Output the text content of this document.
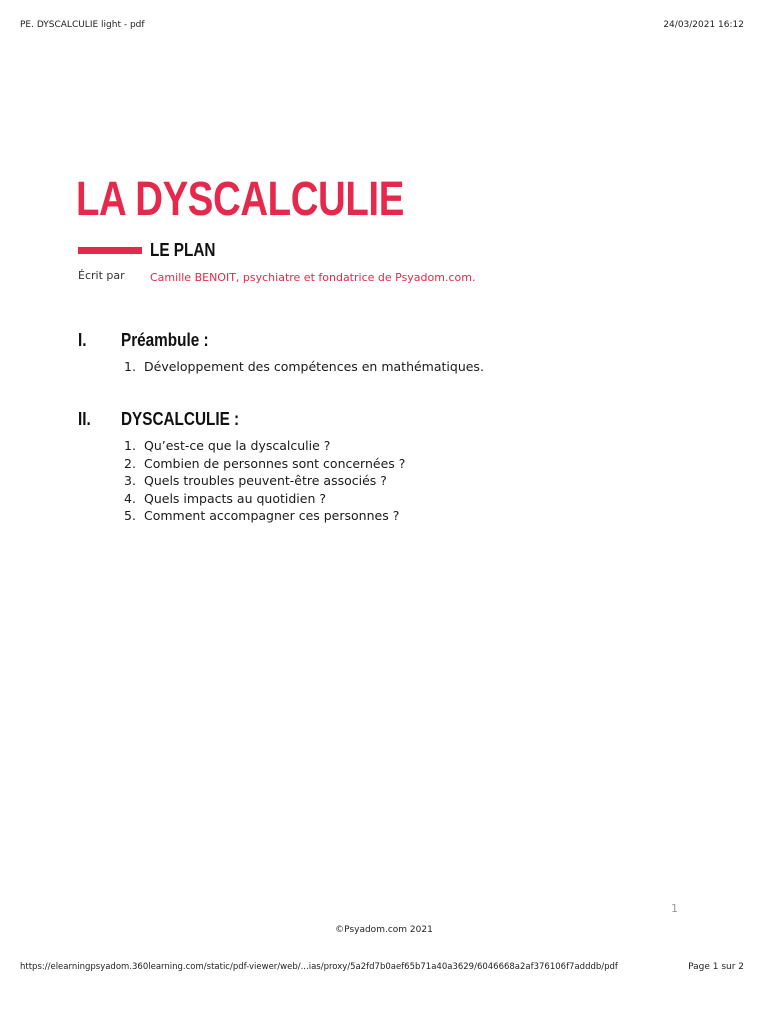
PE. DYSCALCULIE light - pdf	24/03/2021 16:12
LA DYSCALCULIE
LE PLAN
Écrit par Camille BENOIT, psychiatre et fondatrice de Psyadom.com.
I. Préambule :
1. Développement des compétences en mathématiques.
II. DYSCALCULIE :
1. Qu’est-ce que la dyscalculie ?
2. Combien de personnes sont concernées ?
3. Quels troubles peuvent-être associés ?
4. Quels impacts au quotidien ?
5. Comment accompagner ces personnes ?
1
©Psyadom.com 2021
https://elearningpsyadom.360learning.com/static/pdf-viewer/web/...ias/proxy/5a2fd7b0aef65b71a40a3629/6046668a2af376106f7adddb/pdf	Page 1 sur 2
